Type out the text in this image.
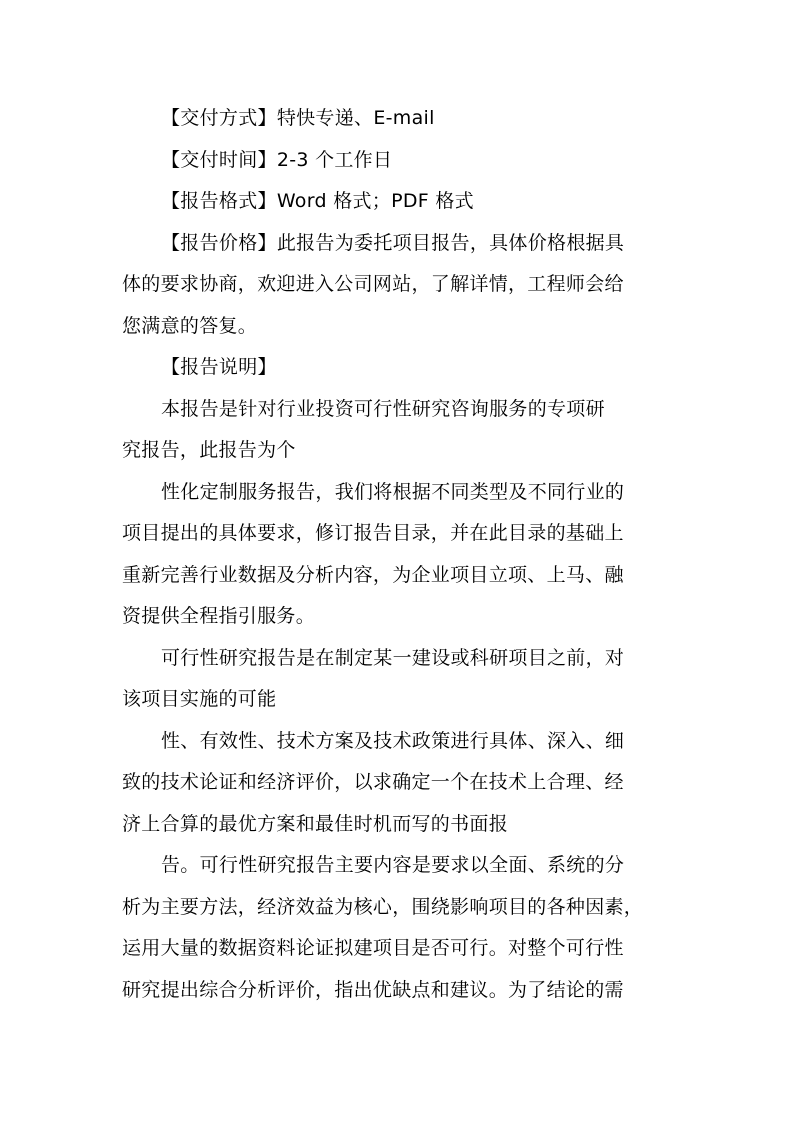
【交付方式】特快专递、E-mail
【交付时间】2-3 个工作日
【报告格式】Word 格式；PDF 格式
【报告价格】此报告为委托项目报告，具体价格根据具
体的要求协商，欢迎进入公司网站，了解详情，工程师会给
您满意的答复。
【报告说明】
本报告是针对行业投资可行性研究咨询服务的专项研
究报告，此报告为个
性化定制服务报告，我们将根据不同类型及不同行业的
项目提出的具体要求，修订报告目录，并在此目录的基础上
重新完善行业数据及分析内容，为企业项目立项、上马、融
资提供全程指引服务。
可行性研究报告是在制定某一建设或科研项目之前，对
该项目实施的可能
性、有效性、技术方案及技术政策进行具体、深入、细
致的技术论证和经济评价，以求确定一个在技术上合理、经
济上合算的最优方案和最佳时机而写的书面报
告。可行性研究报告主要内容是要求以全面、系统的分
析为主要方法，经济效益为核心，围绕影响项目的各种因素，
运用大量的数据资料论证拟建项目是否可行。对整个可行性
研究提出综合分析评价，指出优缺点和建议。为了结论的需
